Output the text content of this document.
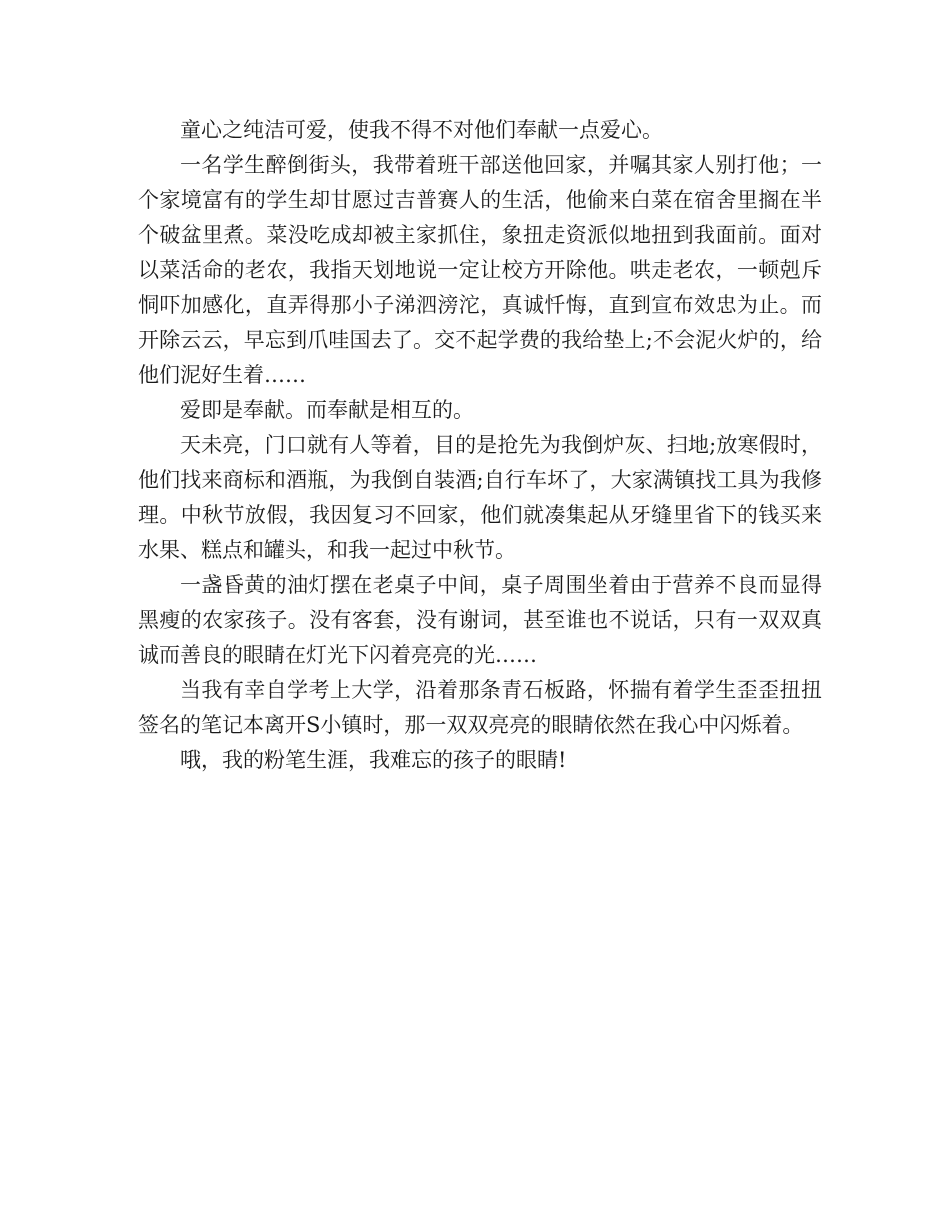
童心之纯洁可爱，使我不得不对他们奉献一点爱心。

一名学生醉倒街头，我带着班干部送他回家，并嘱其家人别打他；一个家境富有的学生却甘愿过吉普赛人的生活，他偷来白菜在宿舍里搁在半个破盆里煮。菜没吃成却被主家抓住，象扭走资派似地扭到我面前。面对以菜活命的老农，我指天划地说一定让校方开除他。哄走老农，一顿剋斥恫吓加感化，直弄得那小子涕泗滂沱，真诚忏悔，直到宣布效忠为止。而开除云云，早忘到爪哇国去了。交不起学费的我给垫上;不会泥火炉的，给他们泥好生着……

爱即是奉献。而奉献是相互的。

天未亮，门口就有人等着，目的是抢先为我倒炉灰、扫地;放寒假时，他们找来商标和酒瓶，为我倒自装酒;自行车坏了，大家满镇找工具为我修理。中秋节放假，我因复习不回家，他们就凑集起从牙缝里省下的钱买来水果、糕点和罐头，和我一起过中秋节。

一盏昏黄的油灯摆在老桌子中间，桌子周围坐着由于营养不良而显得黑瘦的农家孩子。没有客套，没有谢词，甚至谁也不说话，只有一双双真诚而善良的眼睛在灯光下闪着亮亮的光……

当我有幸自学考上大学，沿着那条青石板路，怀揣有着学生歪歪扭扭签名的笔记本离开S小镇时，那一双双亮亮的眼睛依然在我心中闪烁着。

哦，我的粉笔生涯，我难忘的孩子的眼睛!
